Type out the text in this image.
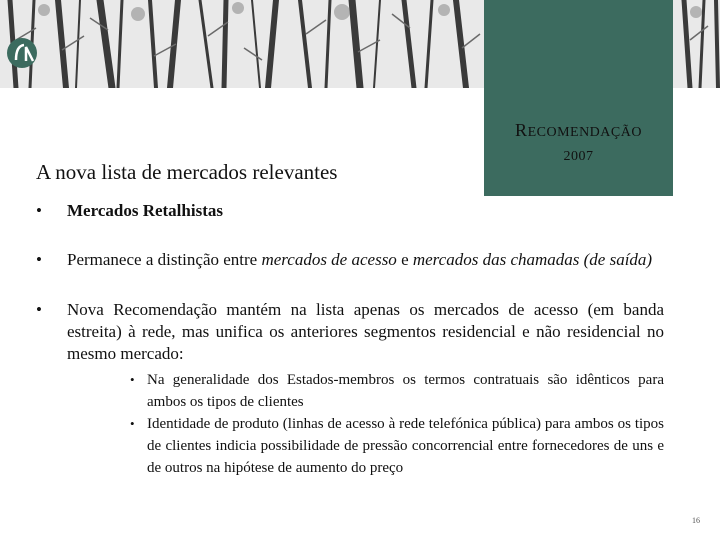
RECOMENDAÇÃO
2007
A nova lista de mercados relevantes
• Mercados Retalhistas
• Permanece a distinção entre mercados de acesso e mercados das chamadas (de saída)
• Nova Recomendação mantém na lista apenas os mercados de acesso (em banda estreita) à rede, mas unifica os anteriores segmentos residencial e não residencial no mesmo mercado:
• Na generalidade dos Estados-membros os termos contratuais são idênticos para ambos os tipos de clientes
• Identidade de produto (linhas de acesso à rede telefónica pública) para ambos os tipos de clientes indicia possibilidade de pressão concorrencial entre fornecedores de uns e de outros na hipótese de aumento do preço
16
